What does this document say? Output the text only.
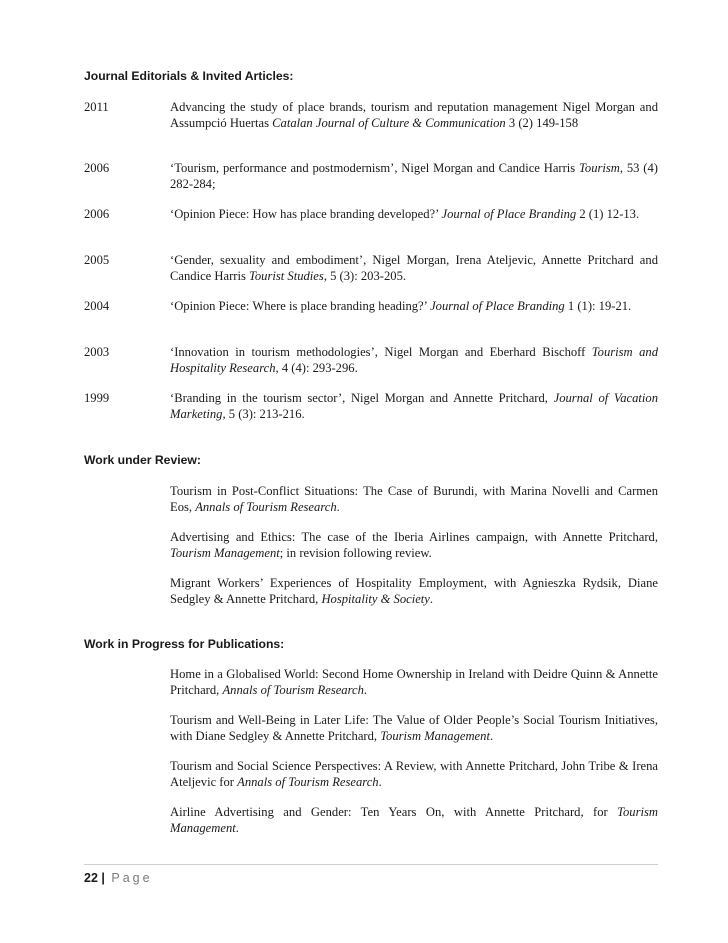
Journal Editorials & Invited Articles:
2011	Advancing the study of place brands, tourism and reputation management Nigel Morgan and Assumpció Huertas Catalan Journal of Culture & Communication 3 (2) 149-158
2006	‘Tourism, performance and postmodernism’, Nigel Morgan and Candice Harris Tourism, 53 (4) 282-284;
2006	‘Opinion Piece: How has place branding developed?’ Journal of Place Branding 2 (1) 12-13.
2005	‘Gender, sexuality and embodiment’, Nigel Morgan, Irena Ateljevic, Annette Pritchard and Candice Harris Tourist Studies, 5 (3): 203-205.
2004	‘Opinion Piece: Where is place branding heading?’ Journal of Place Branding 1 (1): 19-21.
2003	‘Innovation in tourism methodologies’, Nigel Morgan and Eberhard Bischoff Tourism and Hospitality Research, 4 (4): 293-296.
1999	‘Branding in the tourism sector’, Nigel Morgan and Annette Pritchard, Journal of Vacation Marketing, 5 (3): 213-216.
Work under Review:
Tourism in Post-Conflict Situations: The Case of Burundi, with Marina Novelli and Carmen Eos, Annals of Tourism Research.
Advertising and Ethics: The case of the Iberia Airlines campaign, with Annette Pritchard, Tourism Management; in revision following review.
Migrant Workers’ Experiences of Hospitality Employment, with Agnieszka Rydsik, Diane Sedgley & Annette Pritchard, Hospitality & Society.
Work in Progress for Publications:
Home in a Globalised World: Second Home Ownership in Ireland with Deidre Quinn & Annette Pritchard, Annals of Tourism Research.
Tourism and Well-Being in Later Life: The Value of Older People’s Social Tourism Initiatives, with Diane Sedgley & Annette Pritchard, Tourism Management.
Tourism and Social Science Perspectives: A Review, with Annette Pritchard, John Tribe & Irena Ateljevic for Annals of Tourism Research.
Airline Advertising and Gender: Ten Years On, with Annette Pritchard, for Tourism Management.
22 | Page
